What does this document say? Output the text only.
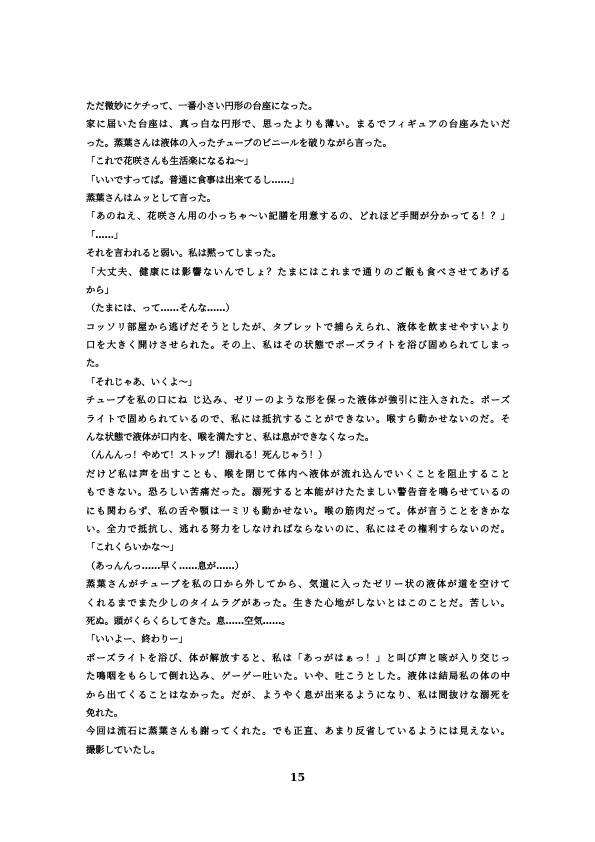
ただ微妙にケチって、一番小さい円形の台座になった。
家に届いた台座は、真っ白な円形で、思ったよりも薄い。まるでフィギュアの台座みたいだ
った。蒸葉さんは液体の入ったチューブのビニールを破りながら言った。
「これで花咲さんも生活楽になるね～」
「いいですってば。普通に食事は出来てるし……」
蒸葉さんはムッとして言った。
「あのねえ、花咲さん用の小っちゃ～い記膳を用意するの、どれほど手間が分かってる！？」
「……」
それを言われると弱い。私は黙ってしまった。
「大丈夫、健康には影響ないんでしょ？たまにはこれまで通りのご飯も食べさせてあげる
から」
（たまには、って……そんな……）
コッソリ部屋から逃げだそうとしたが、タブレットで捕らえられ、液体を飲ませやすいより
口を大きく開けさせられた。その上、私はその状態でポーズライトを浴び固められてしまっ
た。
「それじゃあ、いくよ～」
チューブを私の口にね じ込み、ゼリーのような形を保った液体が強引に注入された。ポーズ
ライトで固められているので、私には抵抗することができない。喉すら動かせないのだ。そ
んな状態で液体が口内を、喉を満たすと、私は息ができなくなった。
（んんんっ！やめて！ストップ！溺れる！死んじゃう！）
だけど私は声を出すことも、喉を閉じて体内へ液体が流れ込んでいくことを阻止すること
もできない。恐ろしい苦痛だった。溺死すると本能がけたたましい警告音を鳴らせているの
にも関わらず、私の舌や顎は一ミリも動かせない。喉の筋肉だって。体が言うことをきかな
い。全力で抵抗し、逃れる努力をしなければならないのに、私にはその権利すらないのだ。
「これくらいかな～」
（あっんんっ……早く……息が……）
蒸葉さんがチューブを私の口から外してから、気道に入ったゼリー状の液体が道を空けて
くれるまでまた少しのタイムラグがあった。生きた心地がしないとはこのことだ。苦しい。
死ぬ。頭がくらくらしてきた。息……空気……。
「いいよー、終わりー」
ポーズライトを浴び、体が解放すると、私は「あっがはぁっ！」と叫び声と咳が入り交じっ
た鳴咽をもらして倒れ込み、ゲーゲー吐いた。いや、吐こうとした。液体は結局私の体の中
から出てくることはなかった。だが、ようやく息が出来るようになり、私は間抜けな溺死を
免れた。
今回は流石に蒸葉さんも謝ってくれた。でも正直、あまり反省しているようには見えない。
撮影していたし。
15
